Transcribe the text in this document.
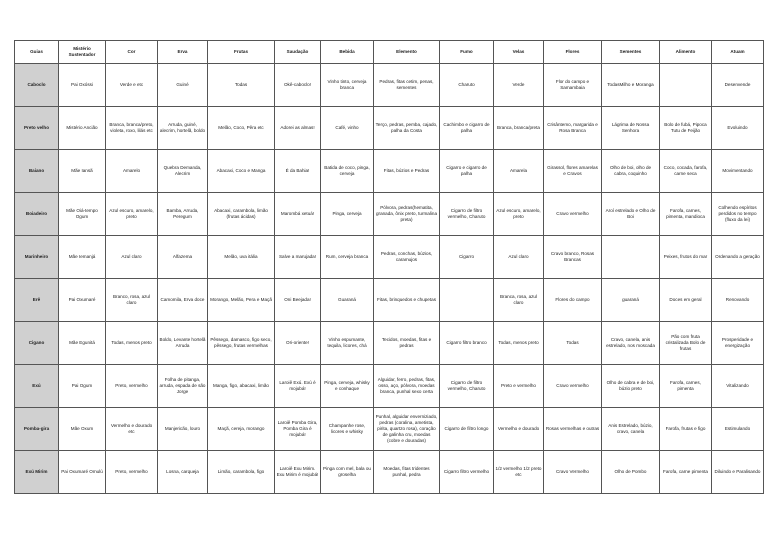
Guias	Mistério Sustentador	Cor	Erva	Frutas	Saudação	Bebida	Elemento	Fumo	Velas	Flores	Sementes	Alimento	Atuam
Caboclo	Pai Oxóssi	Verde e etc	Guiné	Todas	Okê-caboclo!	Vinho tinto, cerveja branca	Pedras, fitas cetim, penas, sementes	Charuto	Verde	Flor do campo e Samambaia	TodasMilho e Moranga		Desenvende
Preto velho	Mistério Ancião	Branca, branca/preto, violeta, roxo, lilás etc	Arruda, guiné, alecrim, hortelã, boldo	Melão, Coco, Pêra etc	Adorei as almas!	Café, vinho	Terço, pedras, pemba, cajado, palha da Costa	Cachimbo e cigarro de palha	Branca, branca/preta	Crisântemo, margarida e Rosa Branca	Lágrima de Nossa Senhora	Bolo de fubá, Pipoca Tutu de Feijão	Evoluindo
Baiano	Mãe Iansã	Amarelo	Quebra Demanda, Alecrim	Abacaxi, Coco e Manga	É da Bahia!	Batida de coco, pinga, cerveja	Fitas, búzios e Pedras	Cigarro e cigarro de palha	Amarela	Girassol, flores amarelas e Cravos	Olho de boi, olho de cabra, coquinho	Coco, cocada, farofa, carne seca	Movimentando
Boiadeiro	Mãe Oiá-tempo Ogum	Azul escuro, amarelo, preto	Bamba, Arruda, Peregum	Abacaxi, carambola, limão (frutas ácidas)	Marombá xetuá!	Pinga, cerveja	Pólvora, pedras(hematita, granada, ônix preto, turmalina preta)	Cigarro de filtro vermelho, Charuto	Azul escuro, amarelo, preto	Cravo vermelho	Aroí estrelado e Olho de Boi	Farofa, carnes, pimenta, mandioca	Colhendo espíritos perdidos no tempo (fluxo da lei)
Marinheiro	Mãe Iemanjá	Azul claro	Alfazema	Melão, uva itália	Salve a marujada!	Rum, cerveja branca	Pedras, conchas, búzios, caramujos	Cigarro	Azul claro	Cravo branco, Rosas Brancas		Peixes, frutos do mar	Ordenando a geração
Erê	Pai Oxumaré	Branco, rosa, azul claro	Camomila, Erva doce	Morango, Melão, Pera e Maçã	Oni Beejada!	Guaraná	Fitas, brinquedos e chupetas		Branca, rosa, azul claro	Flores do campo	guaraná	Doces em geral	Renovando
Cigano	Mãe Egunitá	Todas, menos preto	Boldo, Levante hortelã Arruda	Pêssego, damasco, figo seco, pêssego, frutas vermelhas	Ori-oriente!	Vinho espumante, tequila, licores, chá	Tecidos, moedas, fitas e pedras	Cigarro filtro branco	Todas, menos preto	Todas	Cravo, canela, anis estrelado, nos moscada	Pão com fruta cristalizada Bolo de frutas	Prosperidade e energização
Exú	Pai Ogum	Preto, vermelho	Folha de pitanga, arruda, espada de são Jorge	Manga, figo, abacaxi, limão	Laroiê Exú. Exú é mojubá!	Pinga, cerveja, whisky e conhaque	Alguidar, ferro, pedras, fitas, osso, aço, pólvora, moedas branca, punhal sexo certa	Cigarro de filtro vermelho, Charuto	Preto e vermelho	Cravo vermelho	Olho de cabra e de boi, búzio preto	Farofa, carnes, pimenta	Vitalizando
Pomba-gira	Mãe Oxum	Vermelho e dourado etc	Manjericão, louro	Maçã, cereja, morango	Laroiê Pomba Gira, Pomba Gira é mojubá!	Champanhe rose, licores e whisky	Punhal, alguidar enverniziado, pedras (coralina, ametista, pirita, quartzo rosa), coração de galinha cru, moedas (cobre e douradas)	Cigarro de filtro longo	Vermelho e dourado	Rosas vermelhas e outras	Anis Estrelado, búzio, cravo, canela	Farofa, frutas e figo	Estimulando
Exú Mirim	Pai Oxumaré Omulú	Preto, vermelho	Losna, carqueja	Limão, carambola, figo	Laroiê Exu Mirim. Exu Mirim é mojubá!	Pinga com mel, bala ou groselha	Moedas, fitas tridentes punhal, pedra	Cigarro filtro vermelho	1/2 vermelho 1/2 preto etc	Cravo Vermelho	Olho de Pombo	Farofa, carne pimenta	Diluindo e Paralisando
